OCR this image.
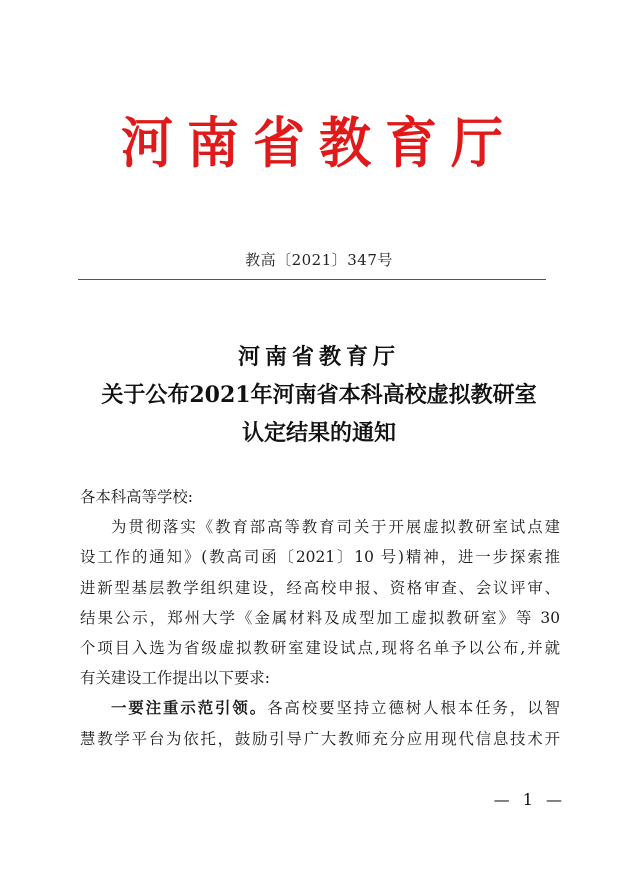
河南省教育厅
教高〔2021〕347号
河南省教育厅
关于公布2021年河南省本科高校虚拟教研室
认定结果的通知
各本科高等学校:
为贯彻落实《教育部高等教育司关于开展虚拟教研室试点建
设工作的通知》(教高司函〔2021〕10 号)精神，进一步探索推
进新型基层教学组织建设，经高校申报、资格审查、会议评审、
结果公示，郑州大学《金属材料及成型加工虚拟教研室》等 30
个项目入选为省级虚拟教研室建设试点,现将名单予以公布,并就
有关建设工作提出以下要求:
一要注重示范引领。各高校要坚持立德树人根本任务，以智
慧教学平台为依托，鼓励引导广大教师充分应用现代信息技术开
— 1 —
